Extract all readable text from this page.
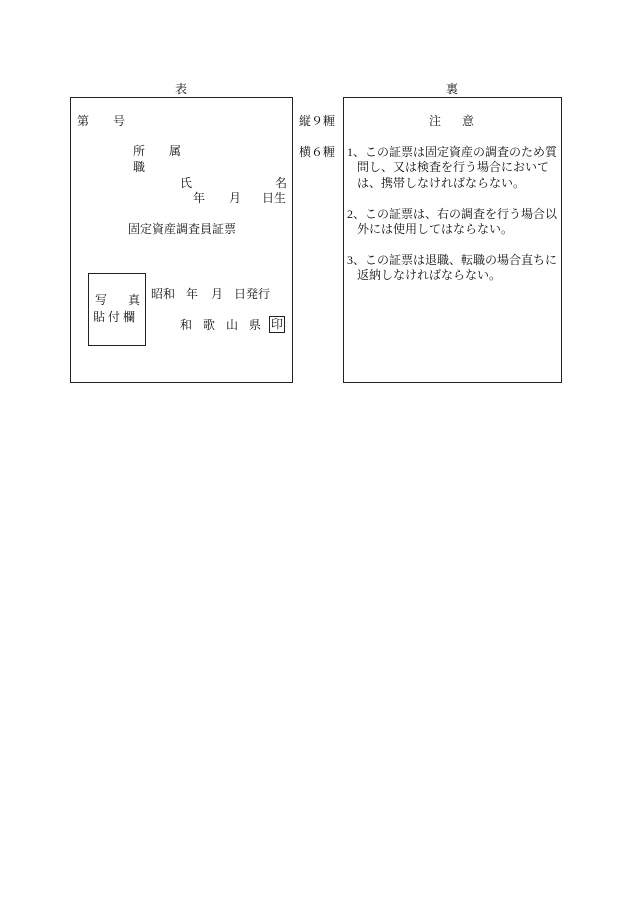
表	裏
縦９糎
横６糎
第 号
所 属
職
氏	名
年 月 日生
固定資産調査員証票
写 真
貼付欄
昭和 年 月 日発行
和歌山県
印
注 意
1、この証票は固定資産の調査のため質
問し、又は検査を行う場合において
は、携帯しなければならない。
2、この証票は、右の調査を行う場合以
外には使用してはならない。
3、この証票は退職、転職の場合直ちに
返納しなければならない。
